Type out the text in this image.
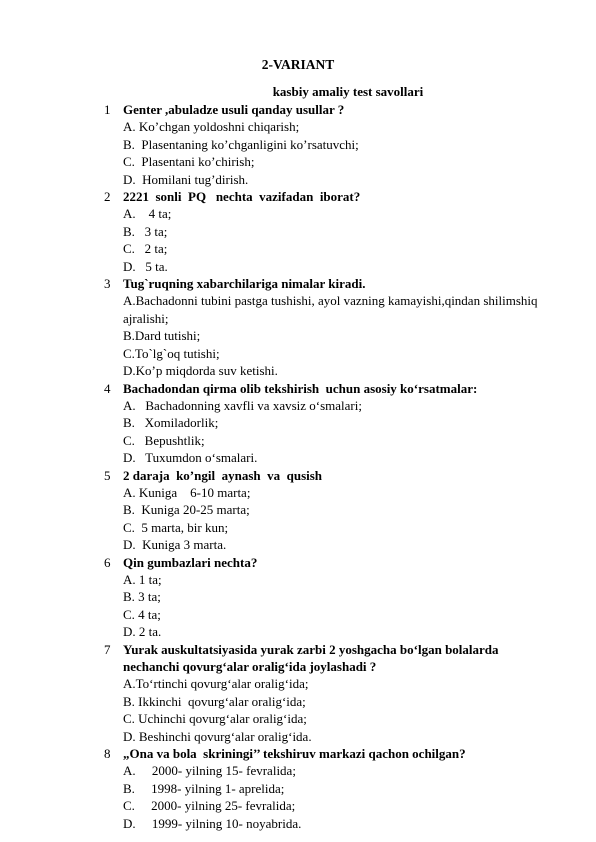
2-VARIANT
kasbiy amaliy test savollari
1 Genter ,abuladze usuli qanday usullar ?
A. Ko’chgan yoldoshni chiqarish;
B.  Plasentaning ko’chganligini ko’rsatuvchi;
C.  Plasentani ko’chirish;
D.  Homilani tug’dirish.
2 2221  sonli  PQ   nechta  vazifadan  iborat?
A.    4 ta;
B.   3 ta;
C.   2 ta;
D.   5 ta.
3 Tug`ruqning xabarchilariga nimalar kiradi.
A.Bachadonni tubini pastga tushishi, ayol vazning kamayishi,qindan shilimshiq ajralishi;
B.Dard tutishi;
C.To`lg`oq tutishi;
D.Ko’p miqdorda suv ketishi.
4 Bachadondan qirma olib tekshirish  uchun asosiy ko‘rsatmalar:
A.   Bachadonning xavfli va xavsiz o‘smalari;
B.   Xomiladorlik;
C.   Bepushtlik;
D.   Tuxumdon o‘smalari.
5 2 daraja  ko’ngil  aynash  va  qusish
A. Kuniga    6-10 marta;
B.  Kuniga 20-25 marta;
C.  5 marta, bir kun;
D.  Kuniga 3 marta.
6 Qin gumbazlari nechta?
A. 1 ta;
B. 3 ta;
C. 4 ta;
D. 2 ta.
7 Yurak auskultatsiyasida yurak zarbi 2 yoshgacha bo‘lgan bolalarda nechanchi qovurg‘alar oralig‘ida joylashadi ?
A.To‘rtinchi qovurg‘alar oralig‘ida;
B. Ikkinchi  qovurg‘alar oralig‘ida;
C. Uchinchi qovurg‘alar oralig‘ida;
D. Beshinchi qovurg‘alar oralig‘ida.
8 „Ona va bola  skriningi’’ tekshiruv markazi qachon ochilgan?
A.     2000- yilning 15- fevralida;
B.     1998- yilning 1- aprelida;
C.     2000- yilning 25- fevralida;
D.     1999- yilning 10- noyabrida.
